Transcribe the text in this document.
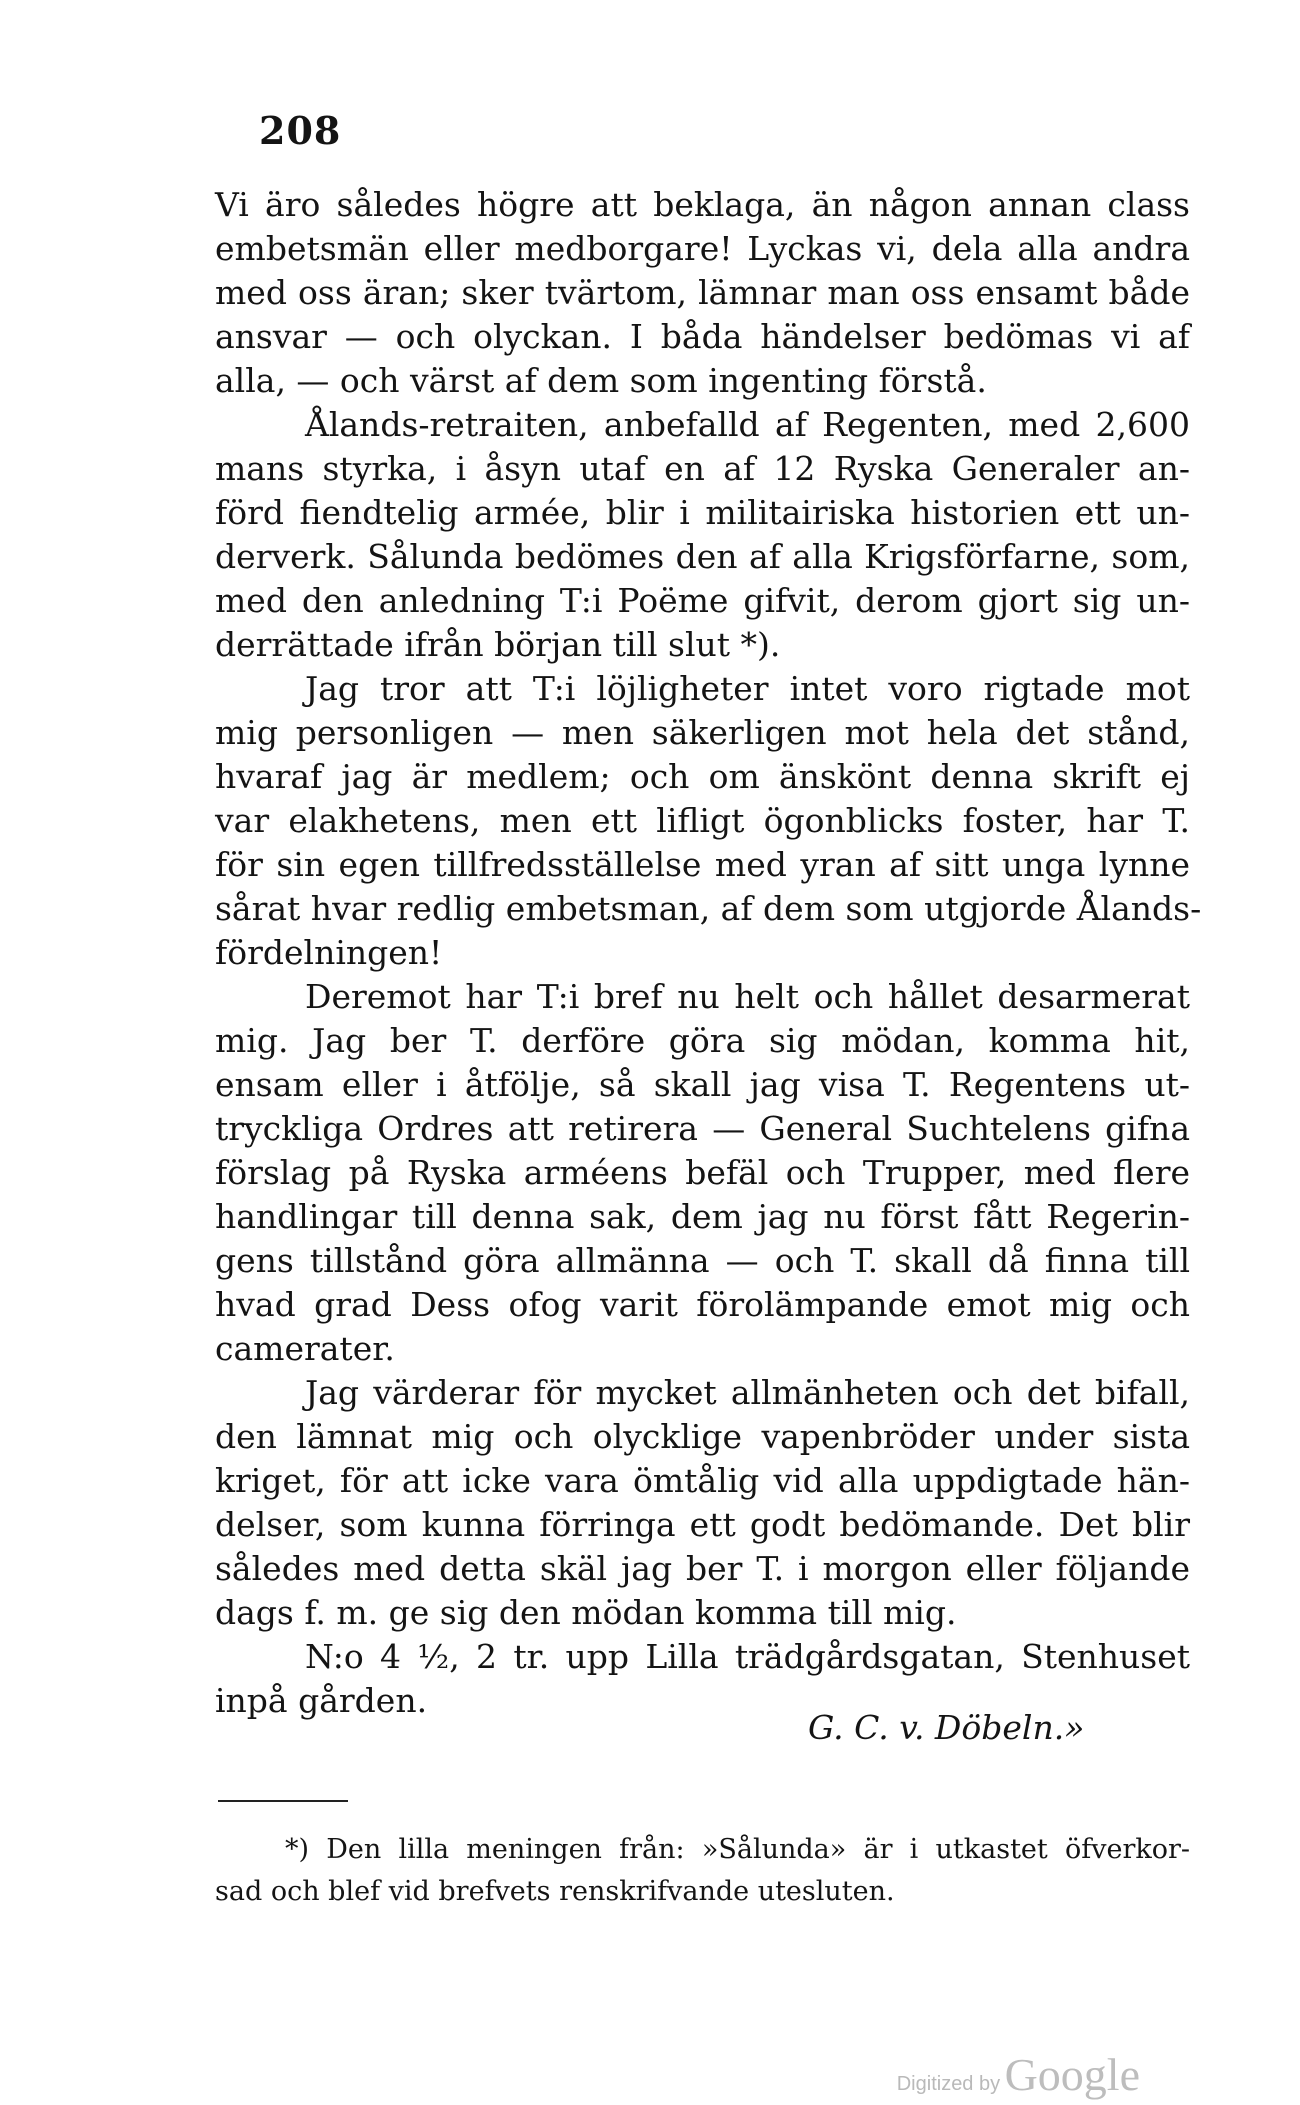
208

Vi äro således högre att beklaga, än någon annan class
embetsmän eller medborgare! Lyckas vi, dela alla andra
med oss äran; sker tvärtom, lämnar man oss ensamt både
ansvar — och olyckan. I båda händelser bedömas vi af
alla, — och värst af dem som ingenting förstå.
Ålands-retraiten, anbefalld af Regenten, med 2,600
mans styrka, i åsyn utaf en af 12 Ryska Generaler an-
förd fiendtelig armée, blir i militairiska historien ett un-
derverk. Sålunda bedömes den af alla Krigsförfarne, som,
med den anledning T:i Poëme gifvit, derom gjort sig un-
derrättade ifrån början till slut *).
Jag tror att T:i löjligheter intet voro rigtade mot
mig personligen — men säkerligen mot hela det stånd,
hvaraf jag är medlem; och om änskönt denna skrift ej
var elakhetens, men ett lifligt ögonblicks foster, har T.
för sin egen tillfredsställelse med yran af sitt unga lynne
sårat hvar redlig embetsman, af dem som utgjorde Ålands-
fördelningen!
Deremot har T:i bref nu helt och hållet desarmerat
mig. Jag ber T. derföre göra sig mödan, komma hit,
ensam eller i åtfölje, så skall jag visa T. Regentens ut-
tryckliga Ordres att retirera — General Suchtelens gifna
förslag på Ryska arméens befäl och Trupper, med flere
handlingar till denna sak, dem jag nu först fått Regerin-
gens tillstånd göra allmänna — och T. skall då finna till
hvad grad Dess ofog varit förolämpande emot mig och
camerater.
Jag värderar för mycket allmänheten och det bifall,
den lämnat mig och olycklige vapenbröder under sista
kriget, för att icke vara ömtålig vid alla uppdigtade hän-
delser, som kunna förringa ett godt bedömande. Det blir
således med detta skäl jag ber T. i morgon eller följande
dags f. m. ge sig den mödan komma till mig.
N:o 4 ½, 2 tr. upp Lilla trädgårdsgatan, Stenhuset
inpå gården.

G. C. v. Döbeln.»

*) Den lilla meningen från: »Sålunda» är i utkastet öfverkor-
sad och blef vid brefvets renskrifvande utesluten.
Digitized by Google
